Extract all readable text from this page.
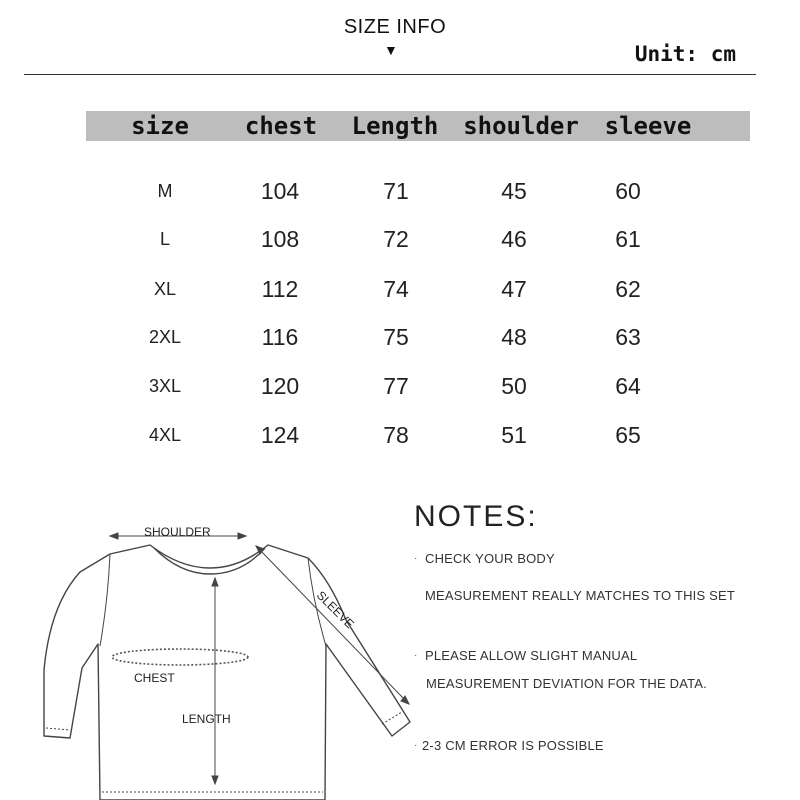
SIZE INFO
▼	Unit: cm
size	chest	Length	shoulder	sleeve
M	104	71	45	60
L	108	72	46	61
XL	112	74	47	62
2XL	116	75	48	63
3XL	120	77	50	64
4XL	124	78	51	65
SHOULDER
SLEEVE
CHEST
LENGTH
NOTES:
· CHECK YOUR BODY
MEASUREMENT REALLY MATCHES TO THIS SET
· PLEASE ALLOW SLIGHT MANUAL
MEASUREMENT DEVIATION FOR THE DATA.
· 2-3 CM ERROR IS POSSIBLE
